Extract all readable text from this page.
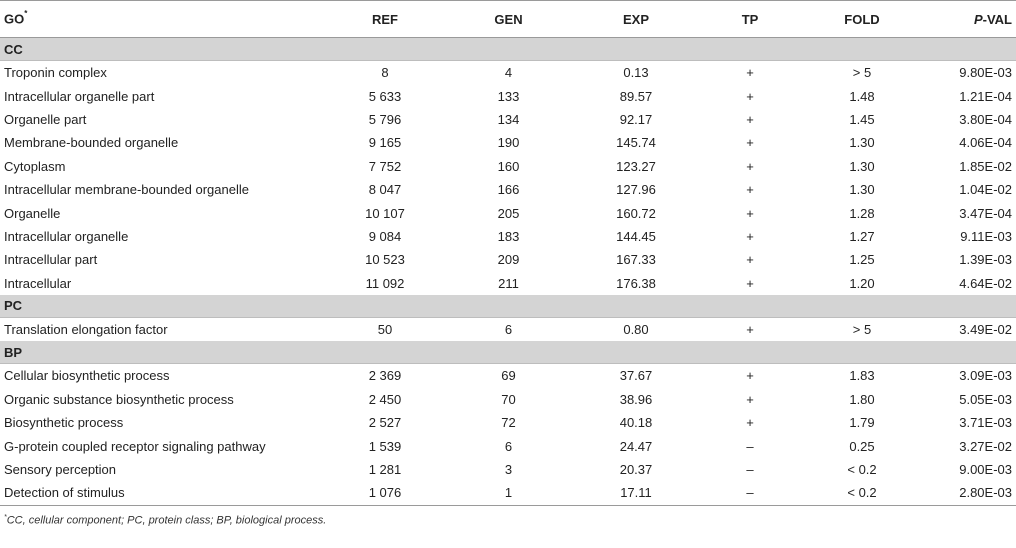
GO*	REF	GEN	EXP	TP	FOLD	P-VAL
CC						
Troponin complex	8	4	0.13	+	> 5	9.80E-03
Intracellular organelle part	5 633	133	89.57	+	1.48	1.21E-04
Organelle part	5 796	134	92.17	+	1.45	3.80E-04
Membrane-bounded organelle	9 165	190	145.74	+	1.30	4.06E-04
Cytoplasm	7 752	160	123.27	+	1.30	1.85E-02
Intracellular membrane-bounded organelle	8 047	166	127.96	+	1.30	1.04E-02
Organelle	10 107	205	160.72	+	1.28	3.47E-04
Intracellular organelle	9 084	183	144.45	+	1.27	9.11E-03
Intracellular part	10 523	209	167.33	+	1.25	1.39E-03
Intracellular	11 092	211	176.38	+	1.20	4.64E-02
PC						
Translation elongation factor	50	6	0.80	+	> 5	3.49E-02
BP						
Cellular biosynthetic process	2 369	69	37.67	+	1.83	3.09E-03
Organic substance biosynthetic process	2 450	70	38.96	+	1.80	5.05E-03
Biosynthetic process	2 527	72	40.18	+	1.79	3.71E-03
G-protein coupled receptor signaling pathway	1 539	6	24.47	–	0.25	3.27E-02
Sensory perception	1 281	3	20.37	–	< 0.2	9.00E-03
Detection of stimulus	1 076	1	17.11	–	< 0.2	2.80E-03
*CC, cellular component; PC, protein class; BP, biological process.
